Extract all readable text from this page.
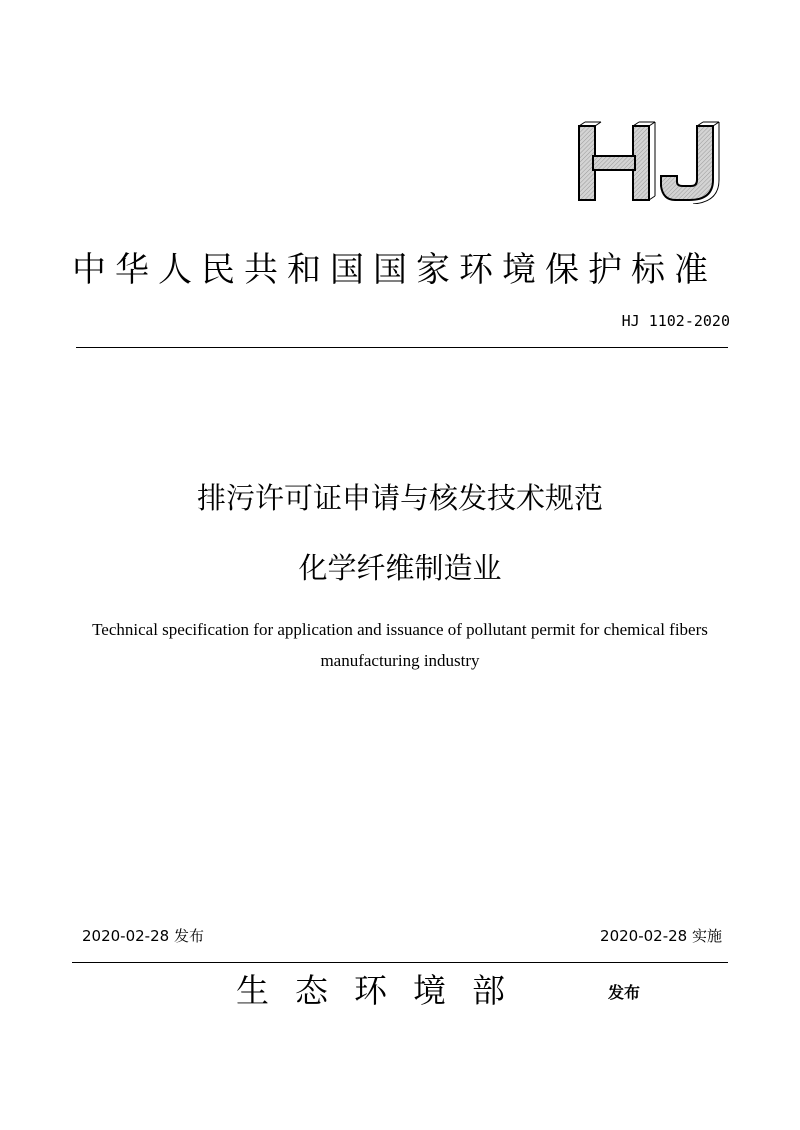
中华人民共和国国家环境保护标准
HJ 1102-2020
排污许可证申请与核发技术规范
化学纤维制造业
Technical specification for application and issuance of pollutant permit for chemical fibers manufacturing industry
2020-02-28 发布	2020-02-28 实施
生态环境部	发布
